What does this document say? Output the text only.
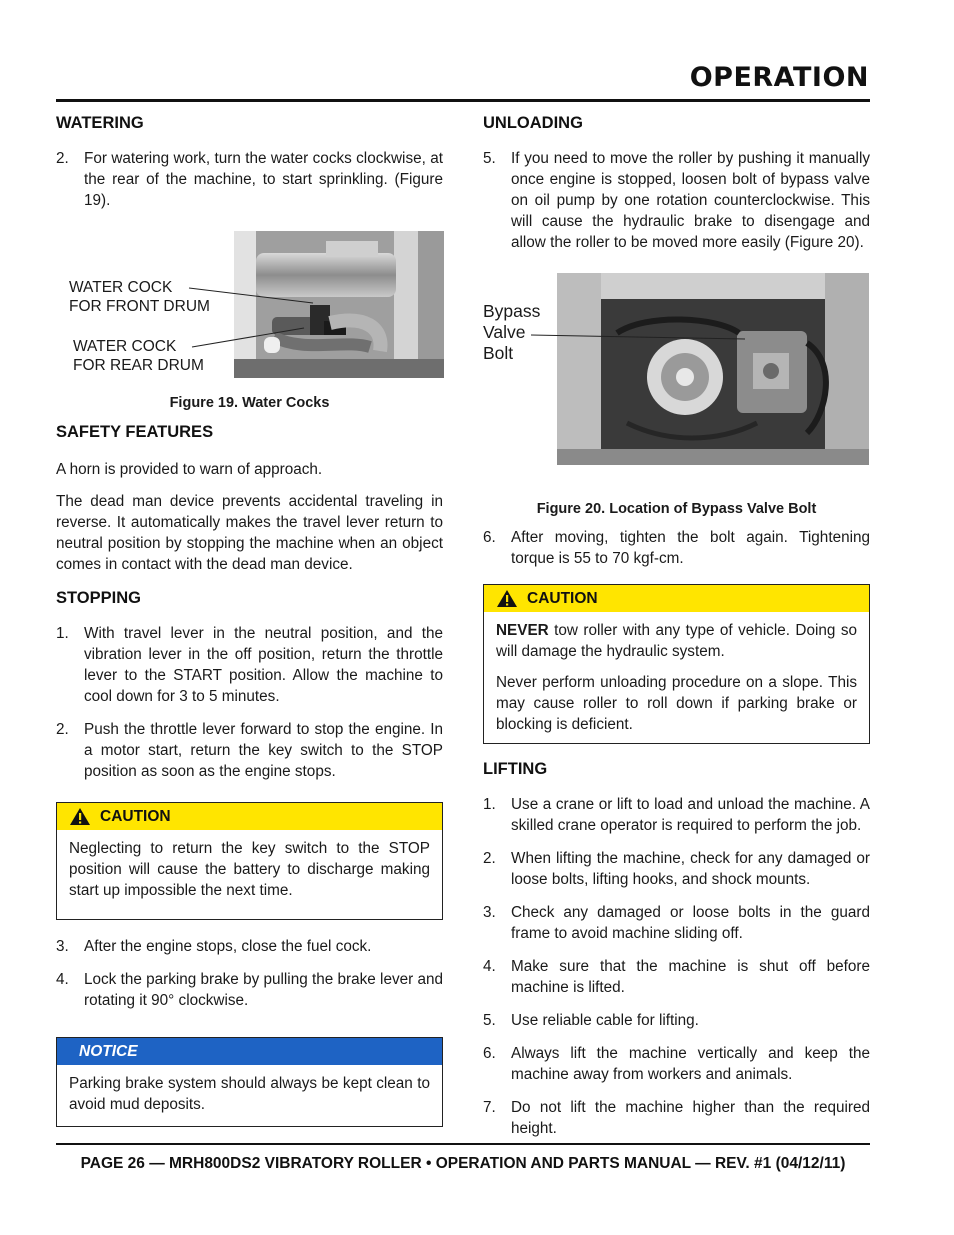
OPERATION
WATERING
2. For watering work, turn the water cocks clockwise, at the rear of the machine, to start sprinkling. (Figure 19).
WATER COCK
FOR FRONT DRUM
WATER COCK
FOR REAR DRUM
Figure 19. Water Cocks
SAFETY FEATURES
A horn is provided to warn of approach.
The dead man device prevents accidental traveling in reverse. It automatically makes the travel lever return to neutral position by stopping the machine when an object comes in contact with the dead man device.
STOPPING
1. With travel lever in the neutral position, and the vibration lever in the off position, return the throttle lever to the START position. Allow the machine to cool down for 3 to 5 minutes.
2. Push the throttle lever forward to stop the engine. In a motor start, return the key switch to the STOP position as soon as the engine stops.
CAUTION
Neglecting to return the key switch to the STOP position will cause the battery to discharge making start up impossible the next time.
3. After the engine stops, close the fuel cock.
4. Lock the parking brake by pulling the brake lever and rotating it 90° clockwise.
NOTICE
Parking brake system should always be kept clean to avoid mud deposits.
UNLOADING
5. If you need to move the roller by pushing it manually once engine is stopped, loosen bolt of bypass valve on oil pump by one rotation counterclockwise. This will cause the hydraulic brake to disengage and allow the roller to be moved more easily (Figure 20).
Bypass
Valve
Bolt
Figure 20. Location of Bypass Valve Bolt
6. After moving, tighten the bolt again. Tightening torque is 55 to 70 kgf-cm.
CAUTION
NEVER tow roller with any type of vehicle. Doing so will damage the hydraulic system.
Never perform unloading procedure on a slope. This may cause roller to roll down if parking brake or blocking is deficient.
LIFTING
1. Use a crane or lift to load and unload the machine. A skilled crane operator is required to perform the job.
2. When lifting the machine, check for any damaged or loose bolts, lifting hooks, and shock mounts.
3. Check any damaged or loose bolts in the guard frame to avoid machine sliding off.
4. Make sure that the machine is shut off before machine is lifted.
5. Use reliable cable for lifting.
6. Always lift the machine vertically and keep the machine away from workers and animals.
7. Do not lift the machine higher than the required height.
PAGE 26 — MRH800DS2 VIBRATORY ROLLER • OPERATION AND PARTS MANUAL — REV. #1 (04/12/11)
